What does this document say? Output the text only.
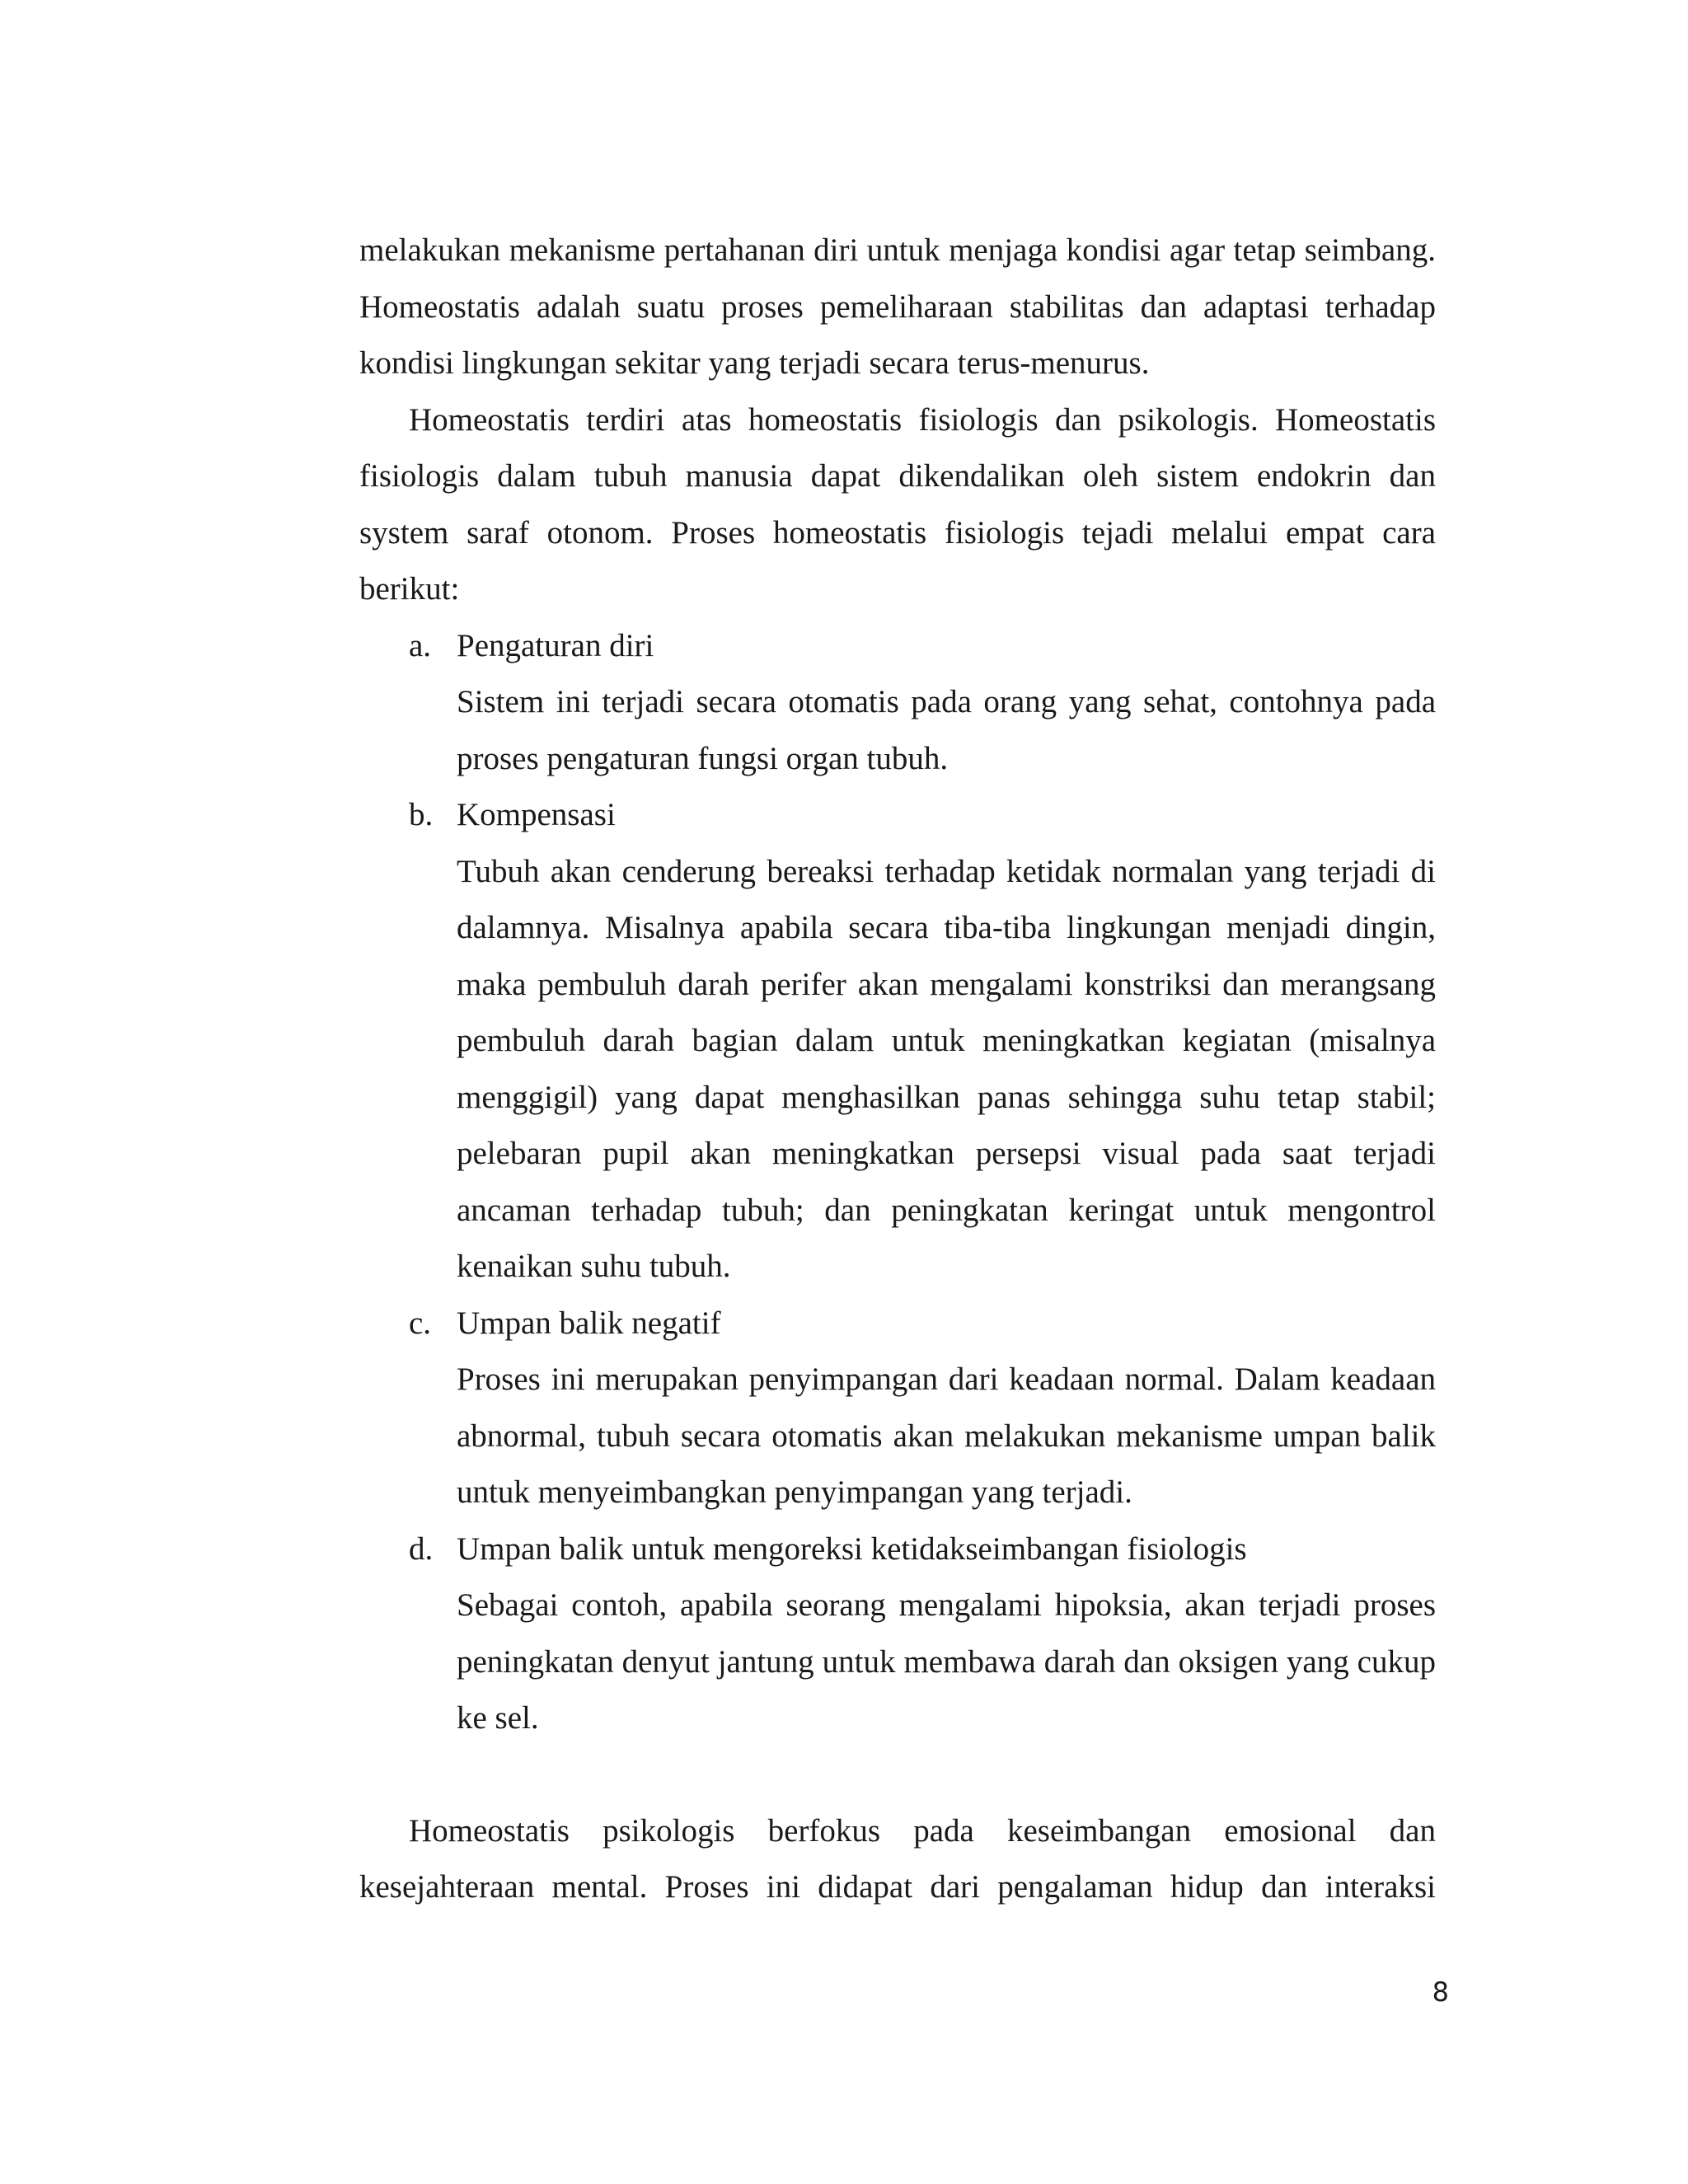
melakukan mekanisme pertahanan diri untuk menjaga kondisi agar tetap seimbang. Homeostatis adalah suatu proses pemeliharaan stabilitas dan adaptasi terhadap kondisi lingkungan sekitar yang terjadi secara terus-menurus.

Homeostatis terdiri atas homeostatis fisiologis dan psikologis. Homeostatis fisiologis dalam tubuh manusia dapat dikendalikan oleh sistem endokrin dan system saraf otonom. Proses homeostatis fisiologis tejadi melalui empat cara berikut:

a. Pengaturan diri
Sistem ini terjadi secara otomatis pada orang yang sehat, contohnya pada proses pengaturan fungsi organ tubuh.
b. Kompensasi
Tubuh akan cenderung bereaksi terhadap ketidak normalan yang terjadi di dalamnya. Misalnya apabila secara tiba-tiba lingkungan menjadi dingin, maka pembuluh darah perifer akan mengalami konstriksi dan merangsang pembuluh darah bagian dalam untuk meningkatkan kegiatan (misalnya menggigil) yang dapat menghasilkan panas sehingga suhu tetap stabil; pelebaran pupil akan meningkatkan persepsi visual pada saat terjadi ancaman terhadap tubuh; dan peningkatan keringat untuk mengontrol kenaikan suhu tubuh.
c. Umpan balik negatif
Proses ini merupakan penyimpangan dari keadaan normal. Dalam keadaan abnormal, tubuh secara otomatis akan melakukan mekanisme umpan balik untuk menyeimbangkan penyimpangan yang terjadi.
d. Umpan balik untuk mengoreksi ketidakseimbangan fisiologis
Sebagai contoh, apabila seorang mengalami hipoksia, akan terjadi proses peningkatan denyut jantung untuk membawa darah dan oksigen yang cukup ke sel.

Homeostatis psikologis berfokus pada keseimbangan emosional dan kesejahteraan mental. Proses ini didapat dari pengalaman hidup dan interaksi

8
